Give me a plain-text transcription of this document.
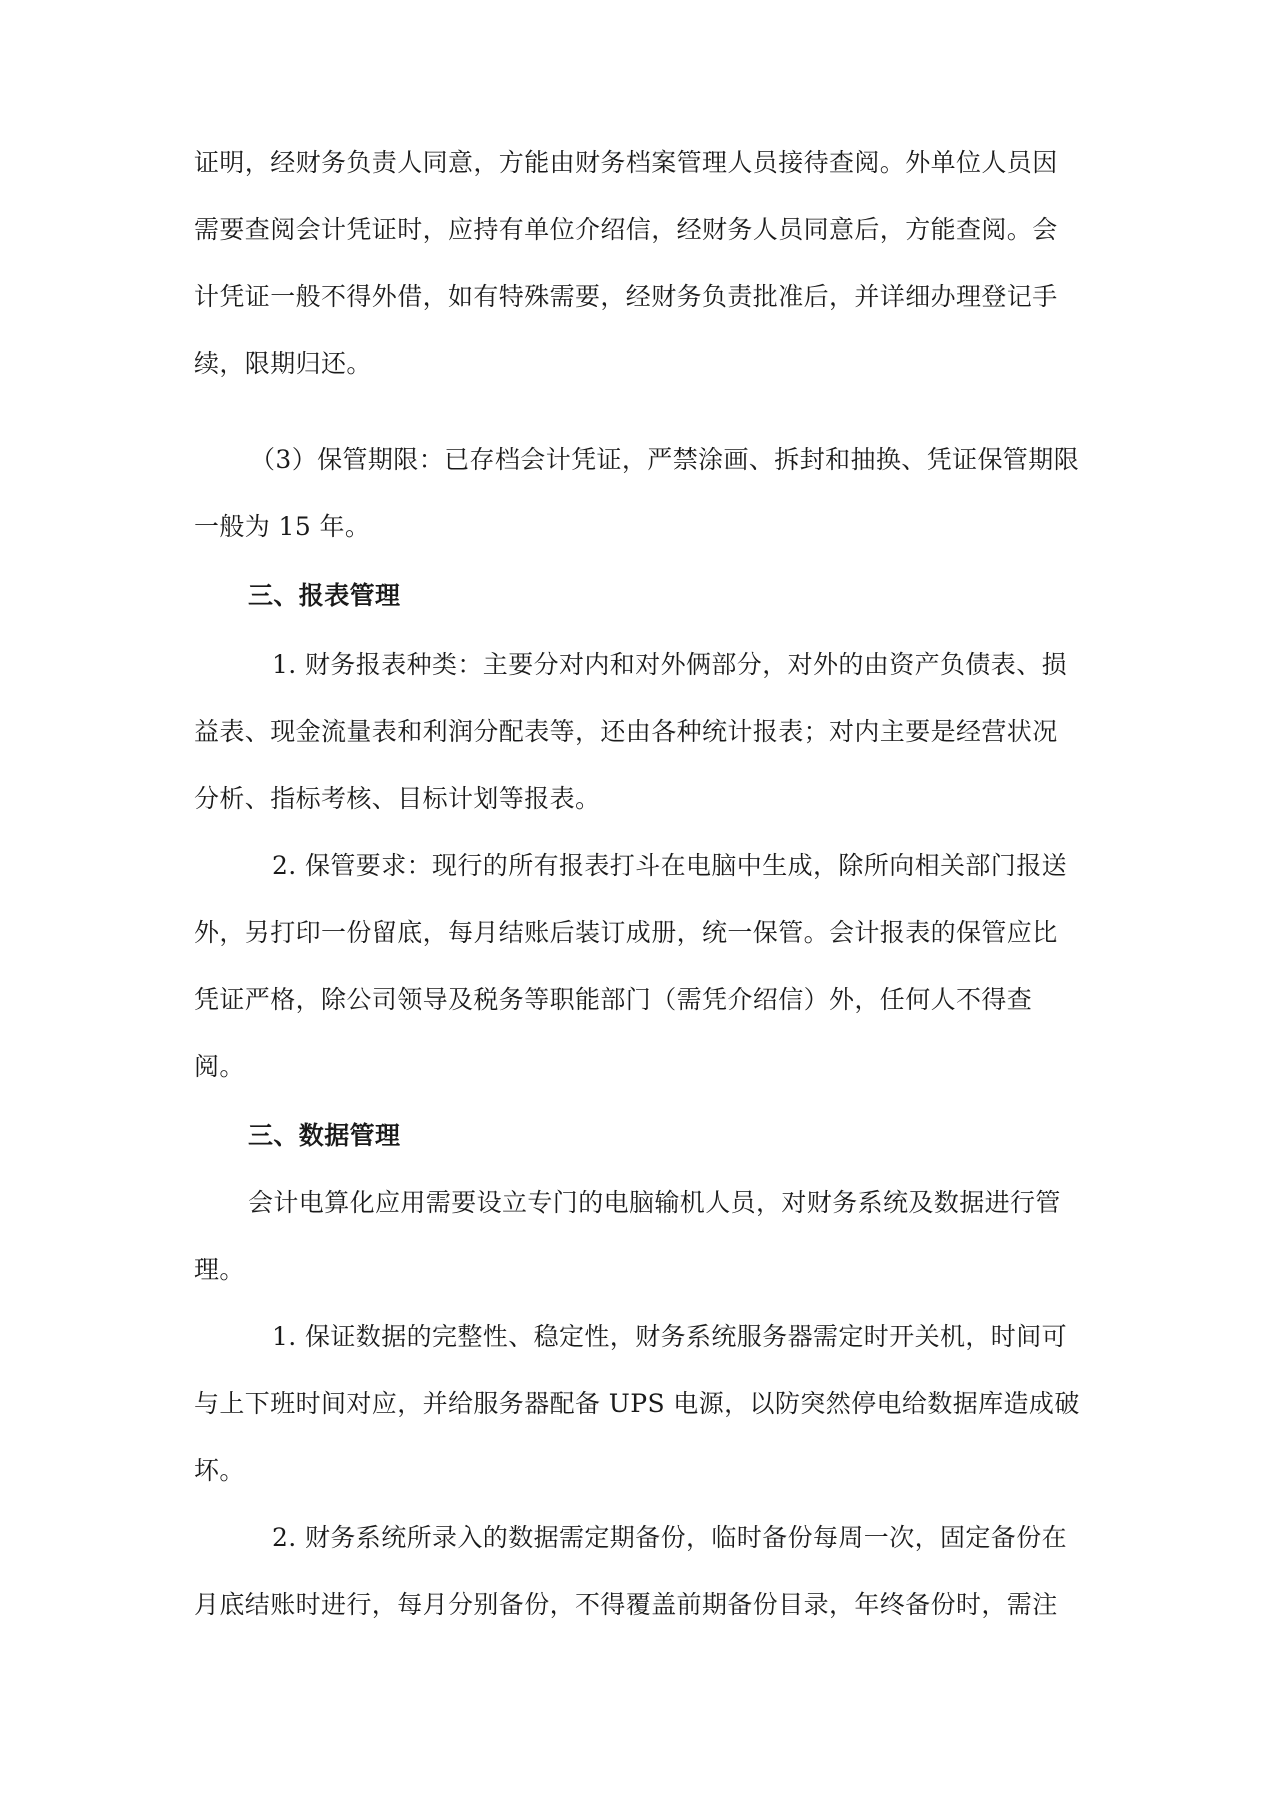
证明，经财务负责人同意，方能由财务档案管理人员接待查阅。外单位人员因
需要查阅会计凭证时，应持有单位介绍信，经财务人员同意后，方能查阅。会
计凭证一般不得外借，如有特殊需要，经财务负责批准后，并详细办理登记手
续，限期归还。
（3）保管期限：已存档会计凭证，严禁涂画、拆封和抽换、凭证保管期限
一般为 15 年。
三、报表管理
1. 财务报表种类：主要分对内和对外俩部分，对外的由资产负债表、损
益表、现金流量表和利润分配表等，还由各种统计报表；对内主要是经营状况
分析、指标考核、目标计划等报表。
2. 保管要求：现行的所有报表打斗在电脑中生成，除所向相关部门报送
外，另打印一份留底，每月结账后装订成册，统一保管。会计报表的保管应比
凭证严格，除公司领导及税务等职能部门（需凭介绍信）外，任何人不得查
阅。
三、数据管理
会计电算化应用需要设立专门的电脑输机人员，对财务系统及数据进行管
理。
1. 保证数据的完整性、稳定性，财务系统服务器需定时开关机，时间可
与上下班时间对应，并给服务器配备 UPS 电源，以防突然停电给数据库造成破
坏。
2. 财务系统所录入的数据需定期备份，临时备份每周一次，固定备份在
月底结账时进行，每月分别备份，不得覆盖前期备份目录，年终备份时，需注
